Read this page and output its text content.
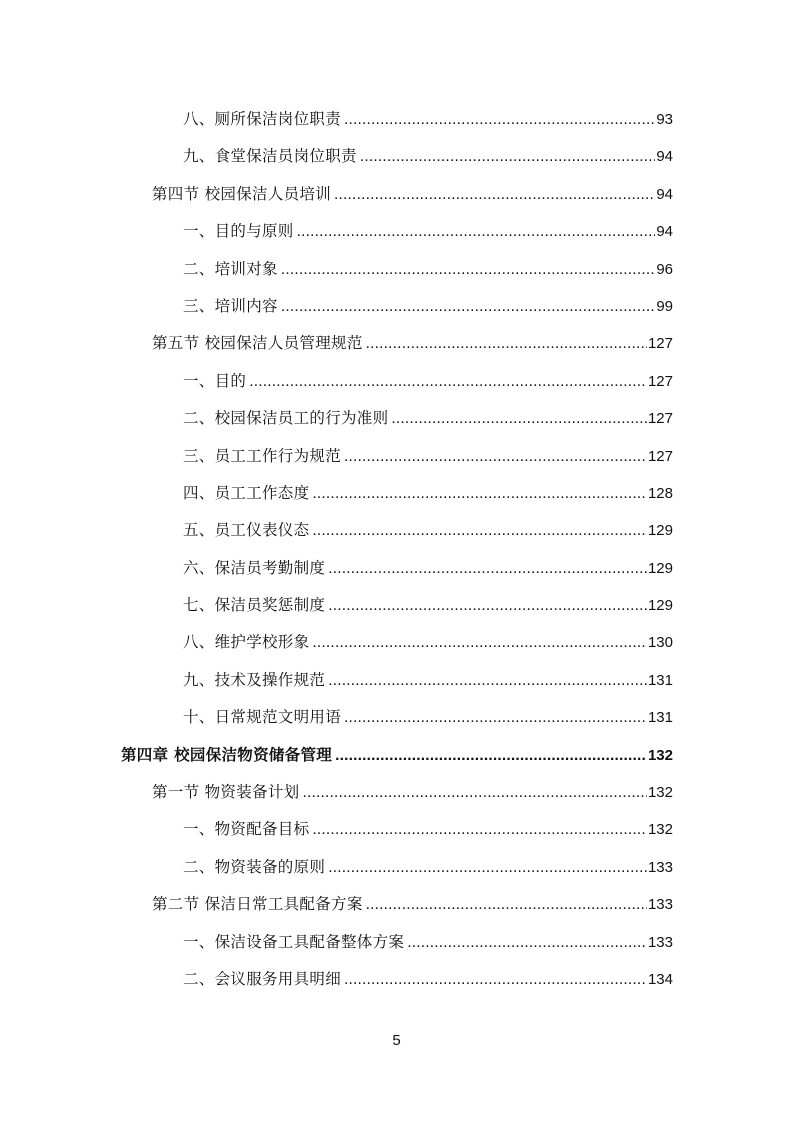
八、厕所保洁岗位职责 .....	93
九、食堂保洁员岗位职责 .....	94
第四节 校园保洁人员培训 .....	94
一、目的与原则 .....	94
二、培训对象 .....	96
三、培训内容 .....	99
第五节 校园保洁人员管理规范 .....	127
一、目的 .....	127
二、校园保洁员工的行为准则 .....	127
三、员工工作行为规范 .....	127
四、员工工作态度 .....	128
五、员工仪表仪态 .....	129
六、保洁员考勤制度 .....	129
七、保洁员奖惩制度 .....	129
八、维护学校形象 .....	130
九、技术及操作规范 .....	131
十、日常规范文明用语 .....	131
第四章 校园保洁物资储备管理 .....	132
第一节 物资装备计划 .....	132
一、物资配备目标 .....	132
二、物资装备的原则 .....	133
第二节 保洁日常工具配备方案 .....	133
一、保洁设备工具配备整体方案 .....	133
二、会议服务用具明细 .....	134
5
